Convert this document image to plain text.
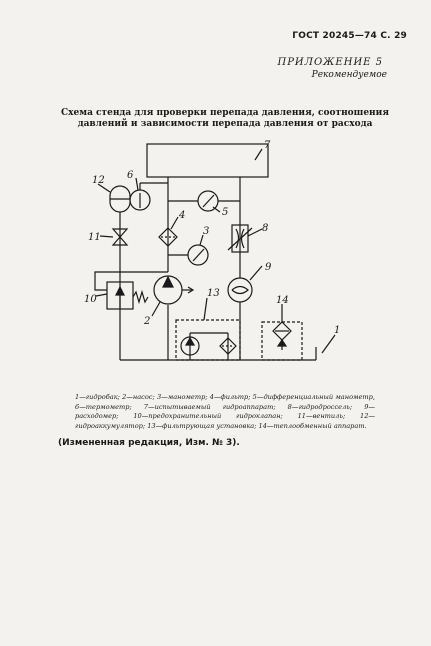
ГОСТ 20245—74 С. 29
ПРИЛОЖЕНИЕ 5
Рекомендуемое
Схема стенда для проверки перепада давления, соотношения
давлений и зависимости перепада давления от расхода
12 6
4	5
3	8
11
9
10
2
13
14
1
7
1—гидробак; 2—насос; 3—манометр; 4—фильтр; 5—дифференциальный манометр, 6—термометр; 7—испытываемый гидроаппарат; 8—гидродроссель; 9—расходомер; 10—предохранительный гидроклапан; 11—вентиль; 12—гидроаккумулятор; 13—фильтрующая установка; 14—теплообменный аппарат.
(Измененная редакция, Изм. № 3).
